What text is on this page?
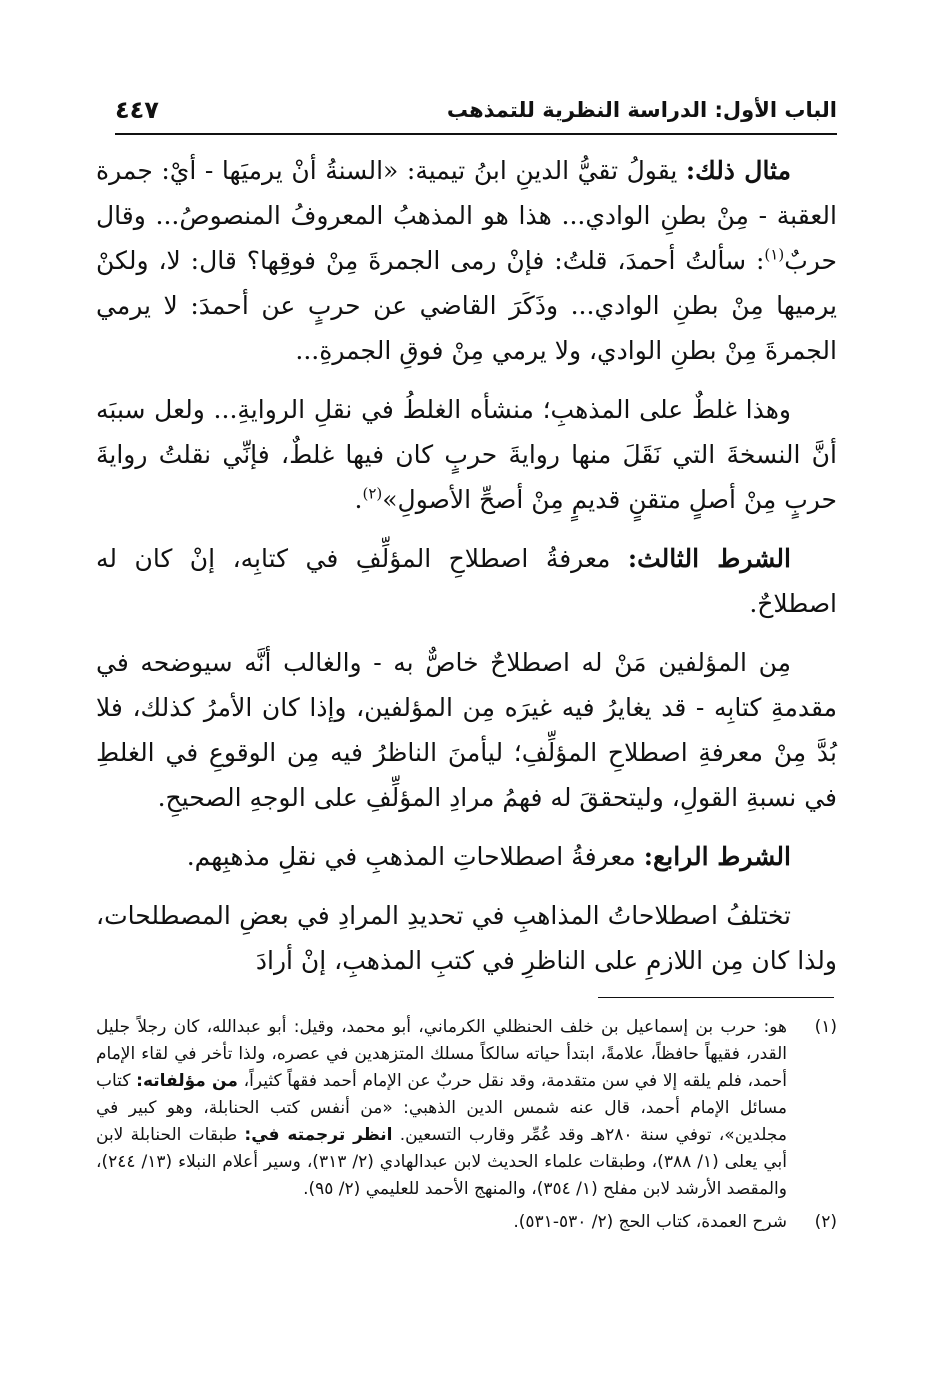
الباب الأول: الدراسة النظرية للتمذهب
٤٤٧

مثال ذلك: يقولُ تقيُّ الدينِ ابنُ تيمية: «السنةُ أنْ يرميَها - أيْ: جمرة العقبة - مِنْ بطنِ الوادي... هذا هو المذهبُ المعروفُ المنصوصُ... وقال حربٌ$^{(١)}$: سألتُ أحمدَ، قلتُ: فإنْ رمى الجمرةَ مِنْ فوقِها؟ قال: لا، ولكنْ يرميها مِنْ بطنِ الوادي... وذَكَرَ القاضي عن حربٍ عن أحمدَ: لا يرمي الجمرةَ مِنْ بطنِ الوادي، ولا يرمي مِنْ فوقِ الجمرةِ...

وهذا غلطٌ على المذهبِ؛ منشأه الغلطُ في نقلِ الروايةِ... ولعل سببَه أنَّ النسخةَ التي نَقَلَ منها روايةَ حربٍ كان فيها غلطٌ، فإنِّي نقلتُ روايةَ حربٍ مِنْ أصلٍ متقنٍ قديمٍ مِنْ أصحِّ الأصولِ»$^{(٢)}$.

الشرط الثالث: معرفةُ اصطلاحِ المؤلِّفِ في كتابِه، إنْ كان له اصطلاحٌ.

مِن المؤلفين مَنْ له اصطلاحٌ خاصٌّ به - والغالب أنَّه سيوضحه في مقدمةِ كتابِه - قد يغايرُ فيه غيرَه مِن المؤلفين، وإذا كان الأمرُ كذلك، فلا بُدَّ مِنْ معرفةِ اصطلاحِ المؤلِّفِ؛ ليأمنَ الناظرُ فيه مِن الوقوعِ في الغلطِ في نسبةِ القولِ، وليتحققَ له فهمُ مرادِ المؤلِّفِ على الوجهِ الصحيحِ.

الشرط الرابع: معرفةُ اصطلاحاتِ المذهبِ في نقلِ مذهبِهم.

تختلفُ اصطلاحاتُ المذاهبِ في تحديدِ المرادِ في بعضِ المصطلحات، ولذا كان مِن اللازمِ على الناظرِ في كتبِ المذهبِ، إنْ أرادَ

(١)
هو: حرب بن إسماعيل بن خلف الحنظلي الكرماني، أبو محمد، وقيل: أبو عبدالله، كان رجلاً جليل القدر، فقيهاً حافظاً، علامةً، ابتدأ حياته سالكاً مسلك المتزهدين في عصره، ولذا تأخر في لقاء الإمام أحمد، فلم يلقه إلا في سن متقدمة، وقد نقل حربٌ عن الإمام أحمد فقهاً كثيراً، من مؤلفاته: كتاب مسائل الإمام أحمد، قال عنه شمس الدين الذهبي: «من أنفس كتب الحنابلة، وهو كبير في مجلدين»، توفي سنة ٢٨٠هـ وقد عُمِّر وقارب التسعين. انظر ترجمته في: طبقات الحنابلة لابن أبي يعلى (١/ ٣٨٨)، وطبقات علماء الحديث لابن عبدالهادي (٢/ ٣١٣)، وسير أعلام النبلاء (١٣/ ٢٤٤)، والمقصد الأرشد لابن مفلح (١/ ٣٥٤)، والمنهج الأحمد للعليمي (٢/ ٩٥).
(٢)
شرح العمدة، كتاب الحج (٢/ ٥٣٠-٥٣١).
